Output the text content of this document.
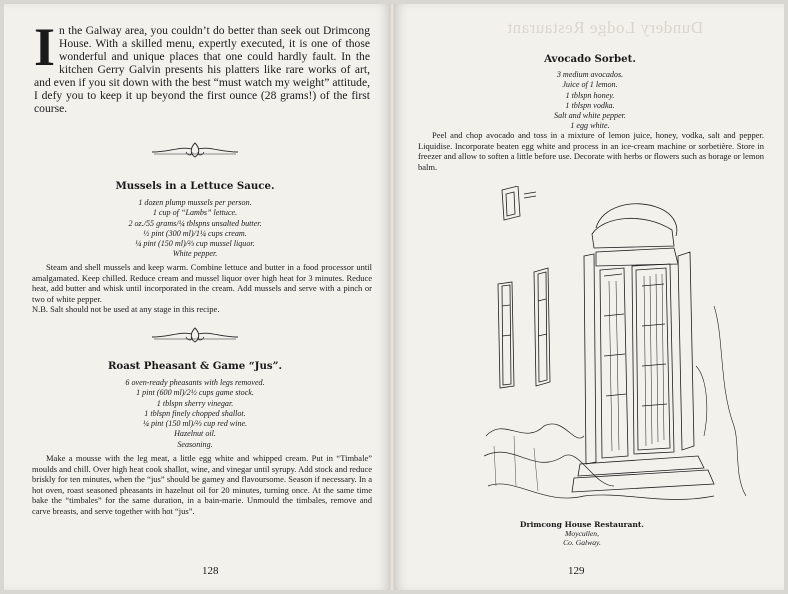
Dundery Lodge Restaurant
In the Galway area, you couldn’t do better than seek out Drimcong House. With a skilled menu, expertly executed, it is one of those wonderful and unique places that one could hardly fault. In the kitchen Gerry Galvin presents his platters like rare works of art, and even if you sit down with the best “must watch my weight” attitude, I defy you to keep it up beyond the first ounce (28 grams!) of the first course.
Mussels in a Lettuce Sauce.
1 dozen plump mussels per person.
1 cup of “Lambs” lettuce.
2 oz./55 grams/¼ tblspns unsalted butter.
½ pint (300 ml)/1¼ cups cream.
¼ pint (150 ml)/⅔ cup mussel liquor.
White pepper.
Steam and shell mussels and keep warm. Combine lettuce and butter in a food processor until amalgamated. Keep chilled. Reduce cream and mussel liquor over high heat for 3 minutes. Reduce heat, add butter and whisk until incorporated in the cream. Add mussels and serve with a pinch or two of white pepper.
N.B. Salt should not be used at any stage in this recipe.
Roast Pheasant & Game “Jus”.
6 oven-ready pheasants with legs removed.
1 pint (600 ml)/2½ cups game stock.
1 tblspn sherry vinegar.
1 tblspn finely chopped shallot.
¼ pint (150 ml)/⅔ cup red wine.
Hazelnut oil.
Seasoning.
Make a mousse with the leg meat, a little egg white and whipped cream. Put in “Timbale” moulds and chill. Over high heat cook shallot, wine, and vinegar until syrupy. Add stock and reduce briskly for ten minutes, when the “jus” should be gamey and flavoursome. Season if necessary. In a hot oven, roast seasoned pheasants in hazelnut oil for 20 minutes, turning once. At the same time bake the “timbales” for the same duration, in a bain-marie. Unmould the timbales, remove and carve breasts, and serve together with hot “jus”.
128
Avocado Sorbet.
3 medium avocados.
Juice of 1 lemon.
1 tblspn honey.
1 tblspn vodka.
Salt and white pepper.
1 egg white.
Peel and chop avocado and toss in a mixture of lemon juice, honey, vodka, salt and pepper. Liquidise. Incorporate beaten egg white and process in an ice-cream machine or sorbetière. Store in freezer and allow to soften a little before use. Decorate with herbs or flowers such as borage or lemon balm.
Drimcong House Restaurant.
Moycullen,
Co. Galway.
129
